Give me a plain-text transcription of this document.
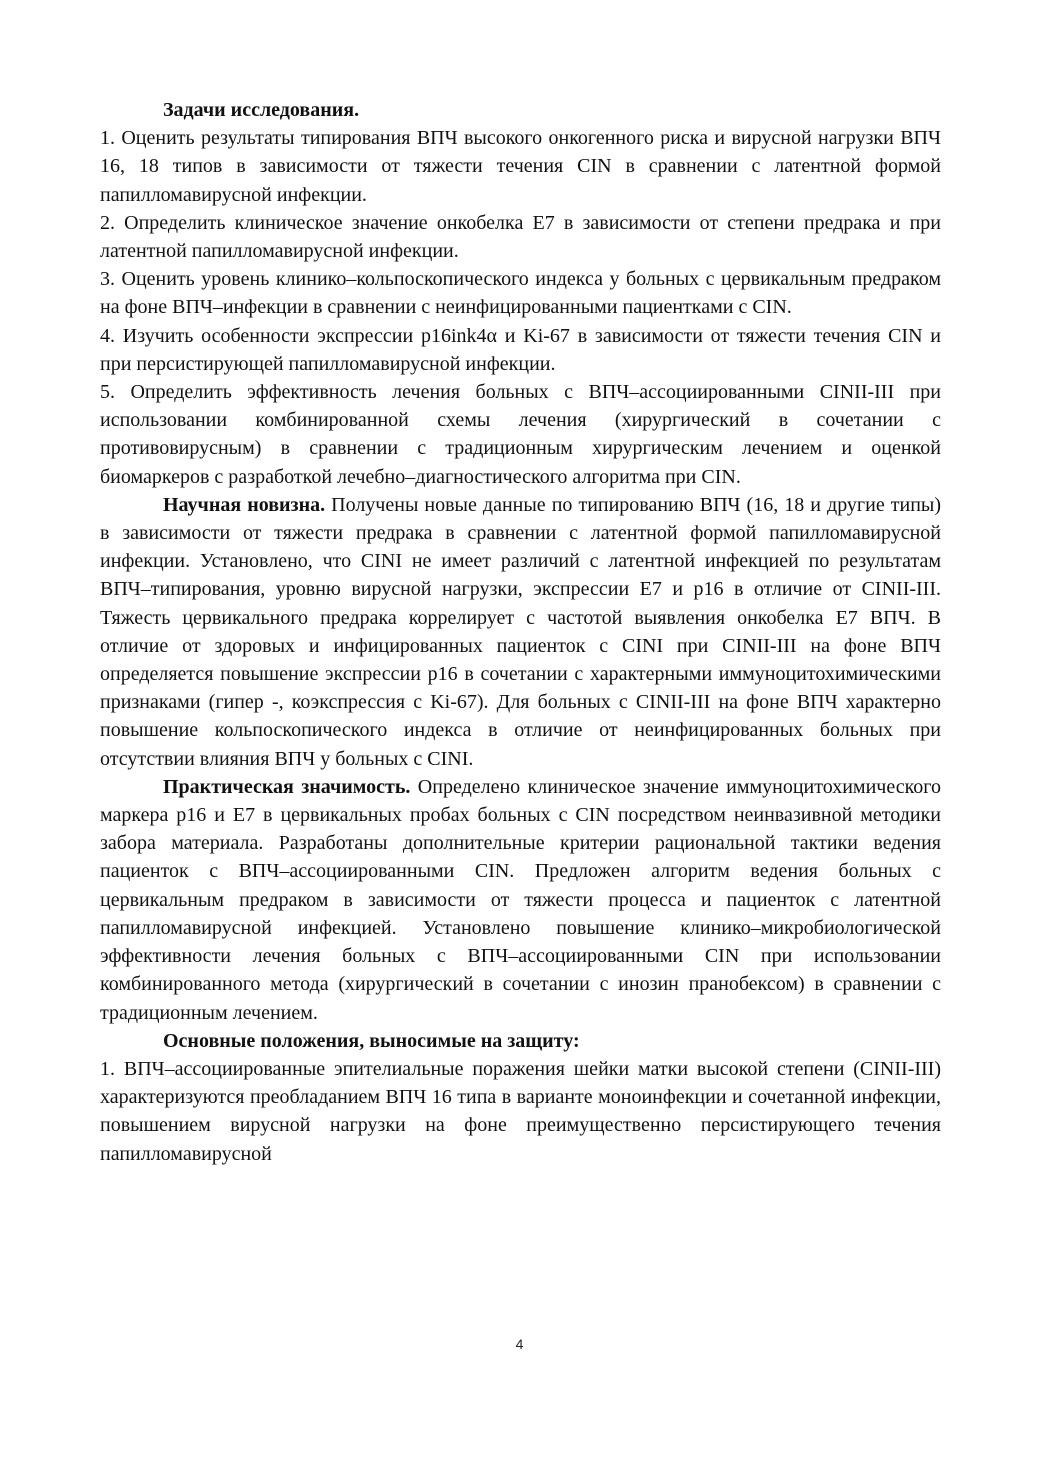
Задачи исследования.

1. Оценить результаты типирования ВПЧ высокого онкогенного риска и вирусной нагрузки ВПЧ 16, 18 типов в зависимости от тяжести течения CIN в сравнении с латентной формой папилломавирусной инфекции.

2. Определить клиническое значение онкобелка Е7 в зависимости от степени предрака и при латентной папилломавирусной инфекции.

3. Оценить уровень клинико–кольпоскопического индекса у больных с цервикальным предраком на фоне ВПЧ–инфекции в сравнении с неинфицированными пациентками с CIN.

4. Изучить особенности экспрессии p16ink4α и Ki-67 в зависимости от тяжести течения CIN и при персистирующей папилломавирусной инфекции.

5. Определить эффективность лечения больных с ВПЧ–ассоциированными CINII-III при использовании комбинированной схемы лечения (хирургический в сочетании с противовирусным) в сравнении с традиционным хирургическим лечением и оценкой биомаркеров с разработкой лечебно–диагностического алгоритма при CIN.

Научная новизна. Получены новые данные по типированию ВПЧ (16, 18 и другие типы) в зависимости от тяжести предрака в сравнении с латентной формой папилломавирусной инфекции. Установлено, что CINI не имеет различий с латентной инфекцией по результатам ВПЧ–типирования, уровню вирусной нагрузки, экспрессии Е7 и p16 в отличие от CINII-III. Тяжесть цервикального предрака коррелирует с частотой выявления онкобелка Е7 ВПЧ. В отличие от здоровых и инфицированных пациенток с CINI при CINII-III на фоне ВПЧ определяется повышение экспрессии p16 в сочетании с характерными иммуноцитохимическими признаками (гипер -, коэкспрессия с Ki-67). Для больных с CINII-III на фоне ВПЧ характерно повышение кольпоскопического индекса в отличие от неинфицированных больных при отсутствии влияния ВПЧ у больных с CINI.

Практическая значимость. Определено клиническое значение иммуноцитохимического маркера p16 и Е7 в цервикальных пробах больных с CIN посредством неинвазивной методики забора материала. Разработаны дополнительные критерии рациональной тактики ведения пациенток с ВПЧ–ассоциированными CIN. Предложен алгоритм ведения больных с цервикальным предраком в зависимости от тяжести процесса и пациенток с латентной папилломавирусной инфекцией. Установлено повышение клинико–микробиологической эффективности лечения больных с ВПЧ–ассоциированными CIN при использовании комбинированного метода (хирургический в сочетании с инозин пранобексом) в сравнении с традиционным лечением.

Основные положения, выносимые на защиту:

1. ВПЧ–ассоциированные эпителиальные поражения шейки матки высокой степени (CINII-III) характеризуются преобладанием ВПЧ 16 типа в варианте моноинфекции и сочетанной инфекции, повышением вирусной нагрузки на фоне преимущественно персистирующего течения папилломавирусной

4
